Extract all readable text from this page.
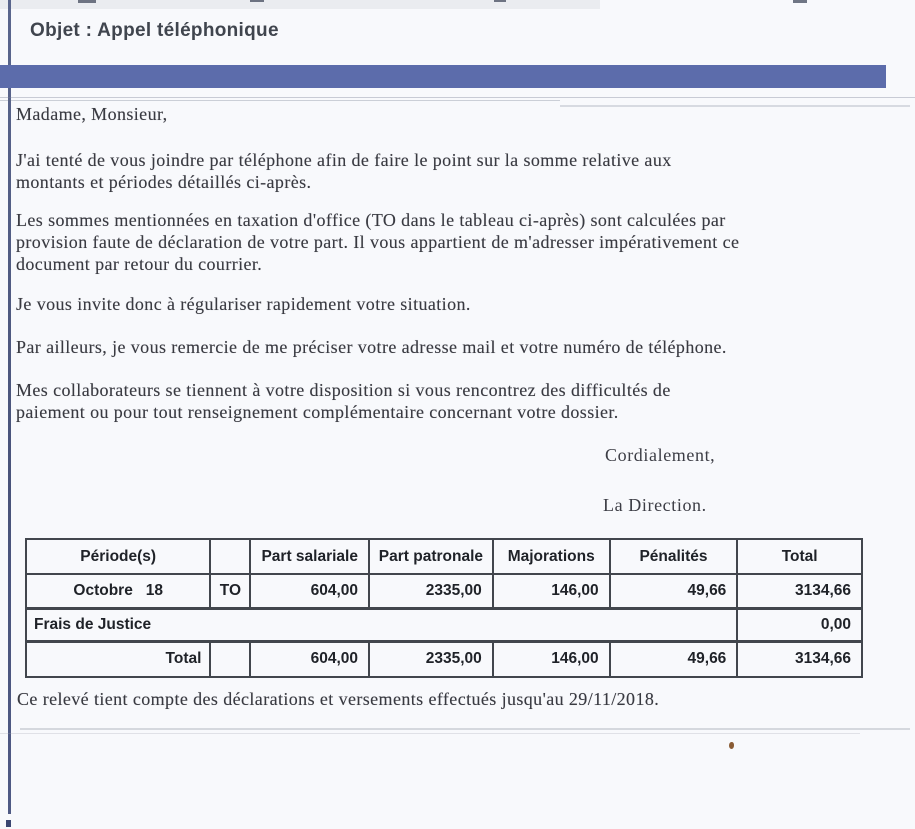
Objet : Appel téléphonique
Madame, Monsieur,
J'ai tenté de vous joindre par téléphone afin de faire le point sur la somme relative aux
montants et périodes détaillés ci-après.
Les sommes mentionnées en taxation d'office (TO dans le tableau ci-après) sont calculées par
provision faute de déclaration de votre part. Il vous appartient de m'adresser impérativement ce
document par retour du courrier.
Je vous invite donc à régulariser rapidement votre situation.
Par ailleurs, je vous remercie de me préciser votre adresse mail et votre numéro de téléphone.
Mes collaborateurs se tiennent à votre disposition si vous rencontrez des difficultés de
paiement ou pour tout renseignement complémentaire concernant votre dossier.
Cordialement,
La Direction.
Période(s)		Part salariale	Part patronale	Majorations	Pénalités	Total
Octobre   18	TO	604,00	2335,00	146,00	49,66	3134,66
Frais de Justice						0,00
Total		604,00	2335,00	146,00	49,66	3134,66
Ce relevé tient compte des déclarations et versements effectués jusqu'au 29/11/2018.
